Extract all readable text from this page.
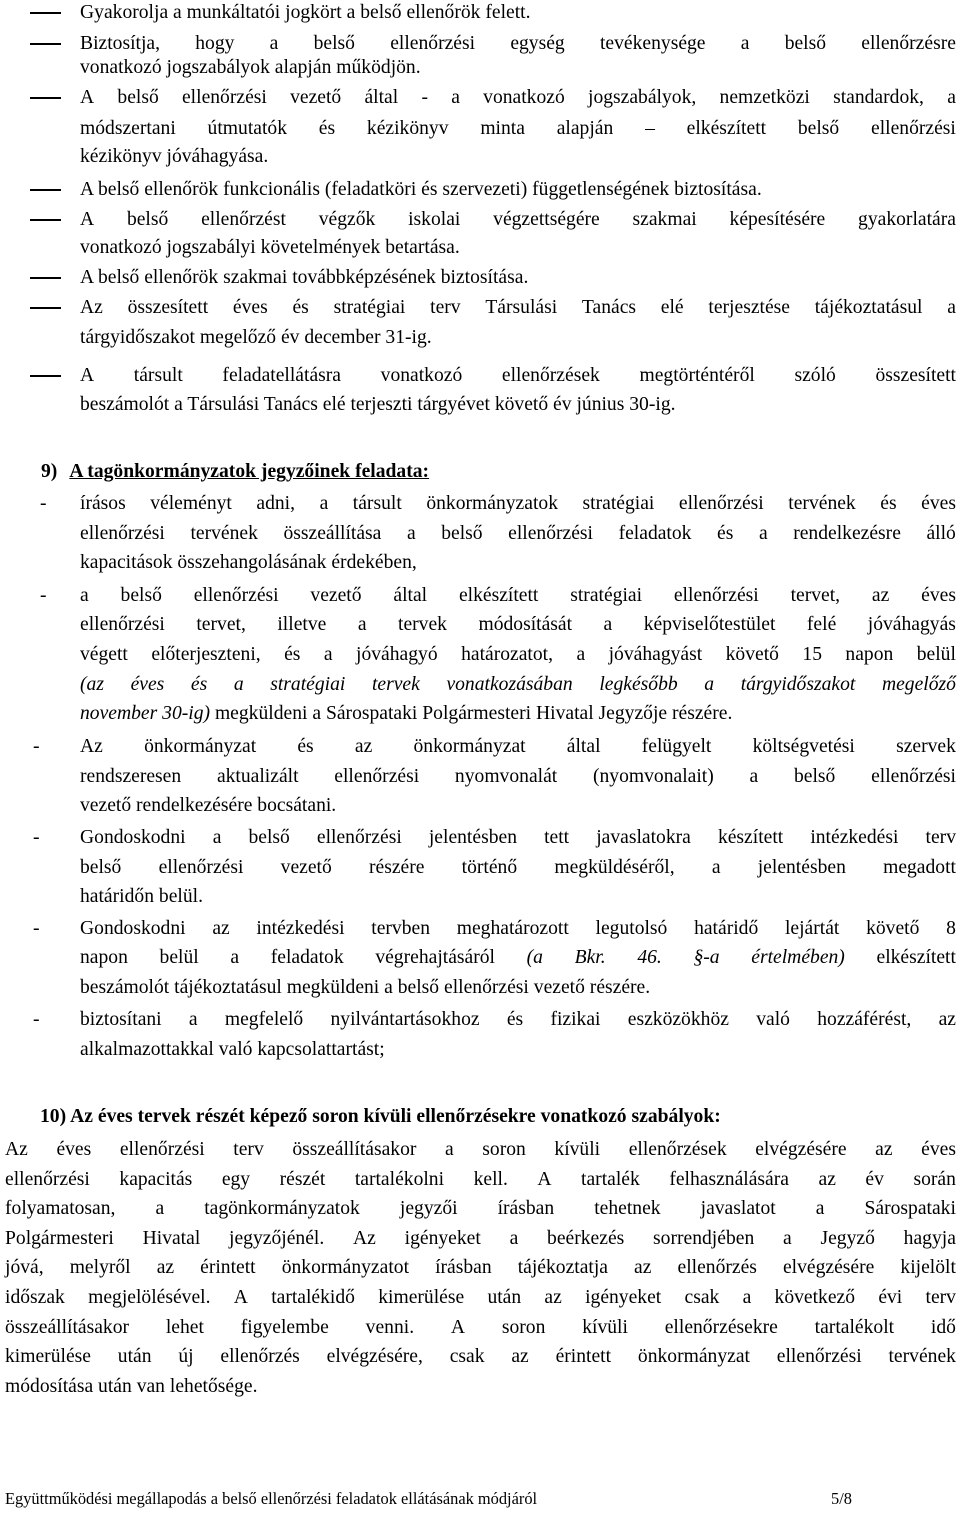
Gyakorolja a munkáltatói jogkört a belső ellenőrök felett.
Biztosítja, hogy a belső ellenőrzési egység tevékenysége a belső ellenőrzésre
vonatkozó jogszabályok alapján működjön.
A belső ellenőrzési vezető által - a vonatkozó jogszabályok, nemzetközi standardok, a
módszertani útmutatók és kézikönyv minta alapján – elkészített belső ellenőrzési
kézikönyv jóváhagyása.
A belső ellenőrök funkcionális (feladatköri és szervezeti) függetlenségének biztosítása.
A belső ellenőrzést végzők iskolai végzettségére szakmai képesítésére gyakorlatára
vonatkozó jogszabályi követelmények betartása.
A belső ellenőrök szakmai továbbképzésének biztosítása.
Az összesített éves és stratégiai terv Társulási Tanács elé terjesztése tájékoztatásul a
tárgyidőszakot megelőző év december 31-ig.
A társult feladatellátásra vonatkozó ellenőrzések megtörténtéről szóló összesített
beszámolót a Társulási Tanács elé terjeszti tárgyévet követő év június 30-ig.
9) A tagönkormányzatok jegyzőinek feladata:
- írásos véleményt adni, a társult önkormányzatok stratégiai ellenőrzési tervének és éves
ellenőrzési tervének összeállítása a belső ellenőrzési feladatok és a rendelkezésre álló
kapacitások összehangolásának érdekében,
- a belső ellenőrzési vezető által elkészített stratégiai ellenőrzési tervet, az éves
ellenőrzési tervet, illetve a tervek módosítását a képviselőtestület felé jóváhagyás
végett előterjeszteni, és a jóváhagyó határozatot, a jóváhagyást követő 15 napon belül
(az éves és a stratégiai tervek vonatkozásában legkésőbb a tárgyidőszakot megelőző
november 30-ig) megküldeni a Sárospataki Polgármesteri Hivatal Jegyzője részére.
- Az önkormányzat és az önkormányzat által felügyelt költségvetési szervek
rendszeresen aktualizált ellenőrzési nyomvonalát (nyomvonalait) a belső ellenőrzési
vezető rendelkezésére bocsátani.
- Gondoskodni a belső ellenőrzési jelentésben tett javaslatokra készített intézkedési terv
belső ellenőrzési vezető részére történő megküldéséről, a jelentésben megadott
határidőn belül.
- Gondoskodni az intézkedési tervben meghatározott legutolsó határidő lejártát követő 8
napon belül a feladatok végrehajtásáról (a Bkr. 46. §-a értelmében) elkészített
beszámolót tájékoztatásul megküldeni a belső ellenőrzési vezető részére.
- biztosítani a megfelelő nyilvántartásokhoz és fizikai eszközökhöz való hozzáférést, az
alkalmazottakkal való kapcsolattartást;
10) Az éves tervek részét képező soron kívüli ellenőrzésekre vonatkozó szabályok:
Az éves ellenőrzési terv összeállításakor a soron kívüli ellenőrzések elvégzésére az éves
ellenőrzési kapacitás egy részét tartalékolni kell. A tartalék felhasználására az év során
folyamatosan, a tagönkormányzatok jegyzői írásban tehetnek javaslatot a Sárospataki
Polgármesteri Hivatal jegyzőjénél. Az igényeket a beérkezés sorrendjében a Jegyző hagyja
jóvá, melyről az érintett önkormányzatot írásban tájékoztatja az ellenőrzés elvégzésére kijelölt
időszak megjelölésével. A tartalékidő kimerülése után az igényeket csak a következő évi terv
összeállításakor lehet figyelembe venni. A soron kívüli ellenőrzésekre tartalékolt idő
kimerülése után új ellenőrzés elvégzésére, csak az érintett önkormányzat ellenőrzési tervének
módosítása után van lehetősége.
Együttműködési megállapodás a belső ellenőrzési feladatok ellátásának módjáról	5/8
